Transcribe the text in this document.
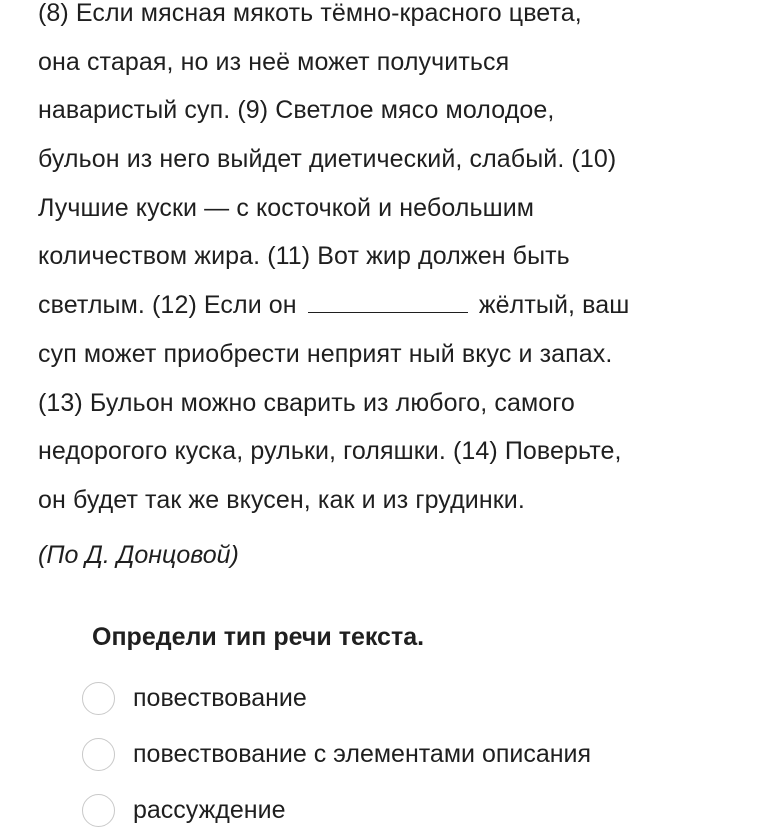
(8) Если мясная мякоть тёмно-красного цвета,
она старая, но из неё может получиться
наваристый суп. (9) Светлое мясо молодое,
бульон из него выйдет диетический, слабый. (10)
Лучшие куски — с косточкой и небольшим
количеством жира. (11) Вот жир должен быть
светлым. (12) Если он	жёлтый, ваш
суп может приобрести неприят ный вкус и запах.
(13) Бульон можно сварить из любого, самого
недорогого куска, рульки, голяшки. (14) Поверьте,
он будет так же вкусен, как и из грудинки.
(По Д. Донцовой)
Определи тип речи текста.
повествование
повествование с элементами описания
рассуждение
